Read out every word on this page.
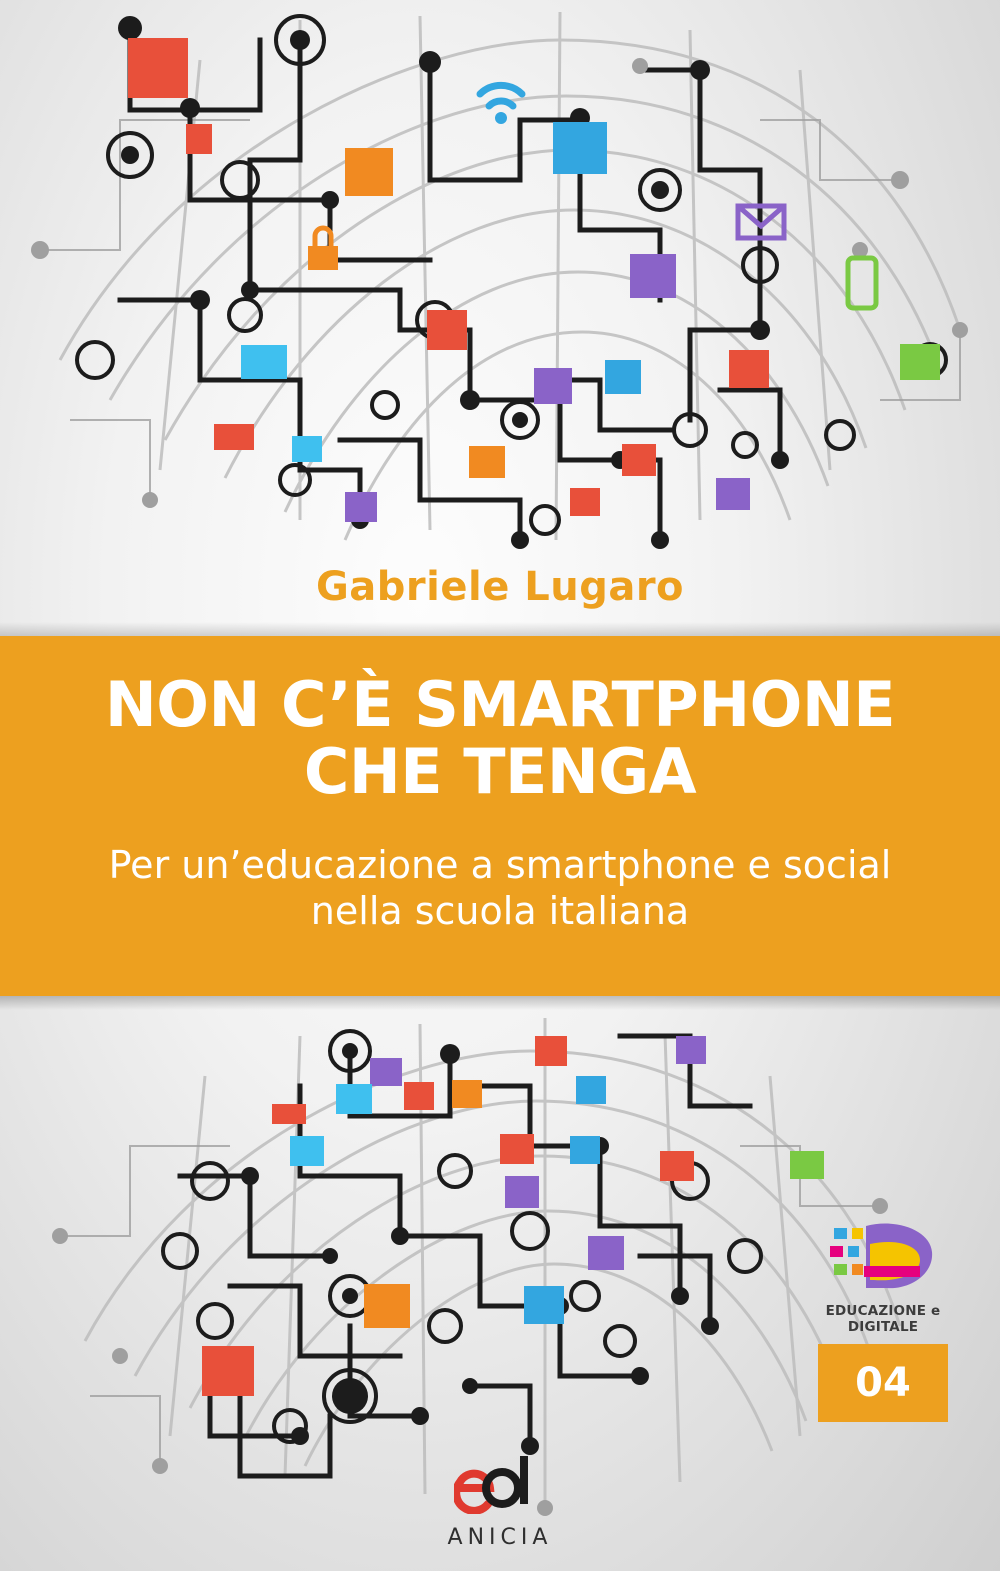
Gabriele Lugaro
NON C’È SMARTPHONE
CHE TENGA
Per un’educazione a smartphone e social
nella scuola italiana
EDUCAZIONE e DIGITALE
04
ANICIA
